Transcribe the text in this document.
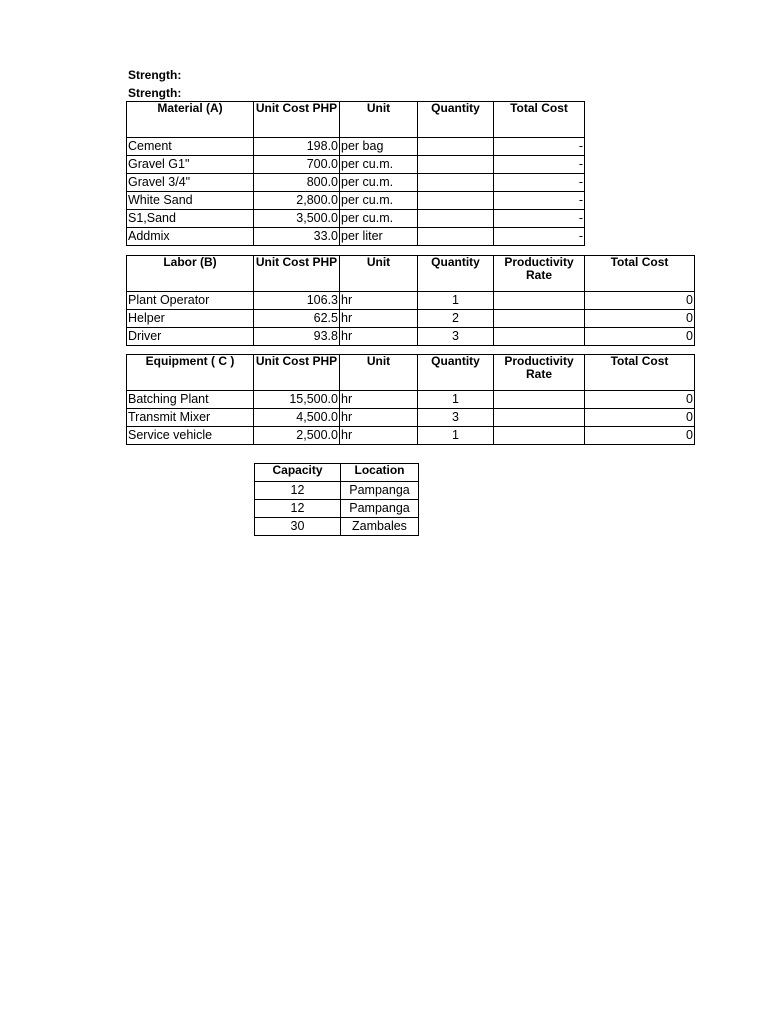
Strength:
Strength:
Material (A)	Unit Cost PHP	Unit	Quantity	Total Cost
Cement	198.0	per bag		-
Gravel G1"	700.0	per cu.m.		-
Gravel 3/4"	800.0	per cu.m.		-
White Sand	2,800.0	per cu.m.		-
S1,Sand	3,500.0	per cu.m.		-
Addmix	33.0	per liter		-
Labor (B)	Unit Cost PHP	Unit	Quantity	Productivity Rate	Total Cost
Plant Operator	106.3	hr	1		0
Helper	62.5	hr	2		0
Driver	93.8	hr	3		0
Equipment ( C )	Unit Cost PHP	Unit	Quantity	Productivity Rate	Total Cost
Batching Plant	15,500.0	hr	1		0
Transmit Mixer	4,500.0	hr	3		0
Service vehicle	2,500.0	hr	1		0
Capacity	Location
12	Pampanga
12	Pampanga
30	Zambales
